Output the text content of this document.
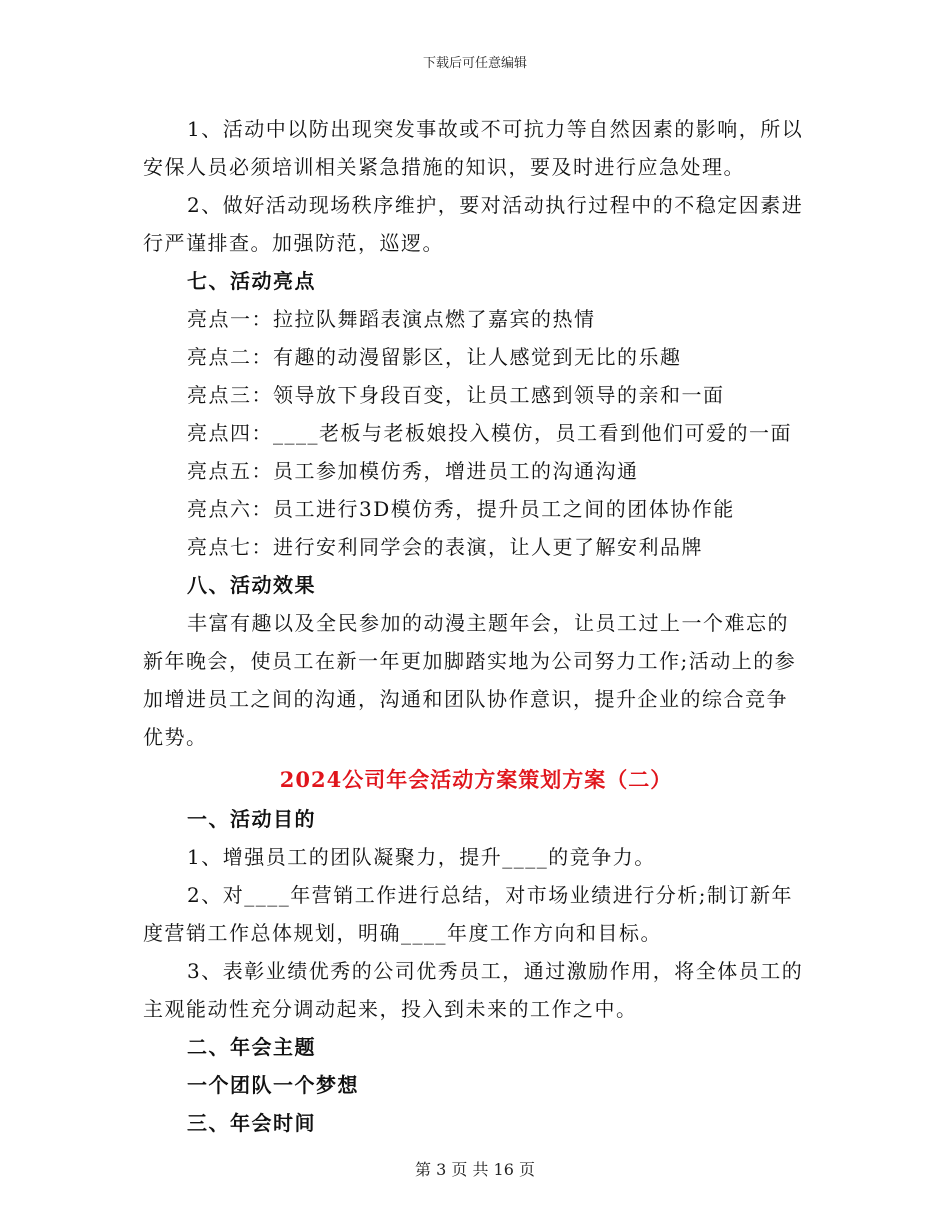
下载后可任意编辑

1、活动中以防出现突发事故或不可抗力等自然因素的影响，所以安保人员必须培训相关紧急措施的知识，要及时进行应急处理。

2、做好活动现场秩序维护，要对活动执行过程中的不稳定因素进行严谨排查。加强防范，巡逻。

七、活动亮点

亮点一：拉拉队舞蹈表演点燃了嘉宾的热情

亮点二：有趣的动漫留影区，让人感觉到无比的乐趣

亮点三：领导放下身段百变，让员工感到领导的亲和一面

亮点四：____老板与老板娘投入模仿，员工看到他们可爱的一面

亮点五：员工参加模仿秀，增进员工的沟通沟通

亮点六：员工进行3D模仿秀，提升员工之间的团体协作能

亮点七：进行安利同学会的表演，让人更了解安利品牌

八、活动效果

丰富有趣以及全民参加的动漫主题年会，让员工过上一个难忘的新年晚会，使员工在新一年更加脚踏实地为公司努力工作;活动上的参加增进员工之间的沟通，沟通和团队协作意识，提升企业的综合竞争优势。

2024公司年会活动方案策划方案（二）

一、活动目的

1、增强员工的团队凝聚力，提升____的竞争力。

2、对____年营销工作进行总结，对市场业绩进行分析;制订新年度营销工作总体规划，明确____年度工作方向和目标。

3、表彰业绩优秀的公司优秀员工，通过激励作用，将全体员工的主观能动性充分调动起来，投入到未来的工作之中。

二、年会主题

一个团队一个梦想

三、年会时间

第 3 页 共 16 页
